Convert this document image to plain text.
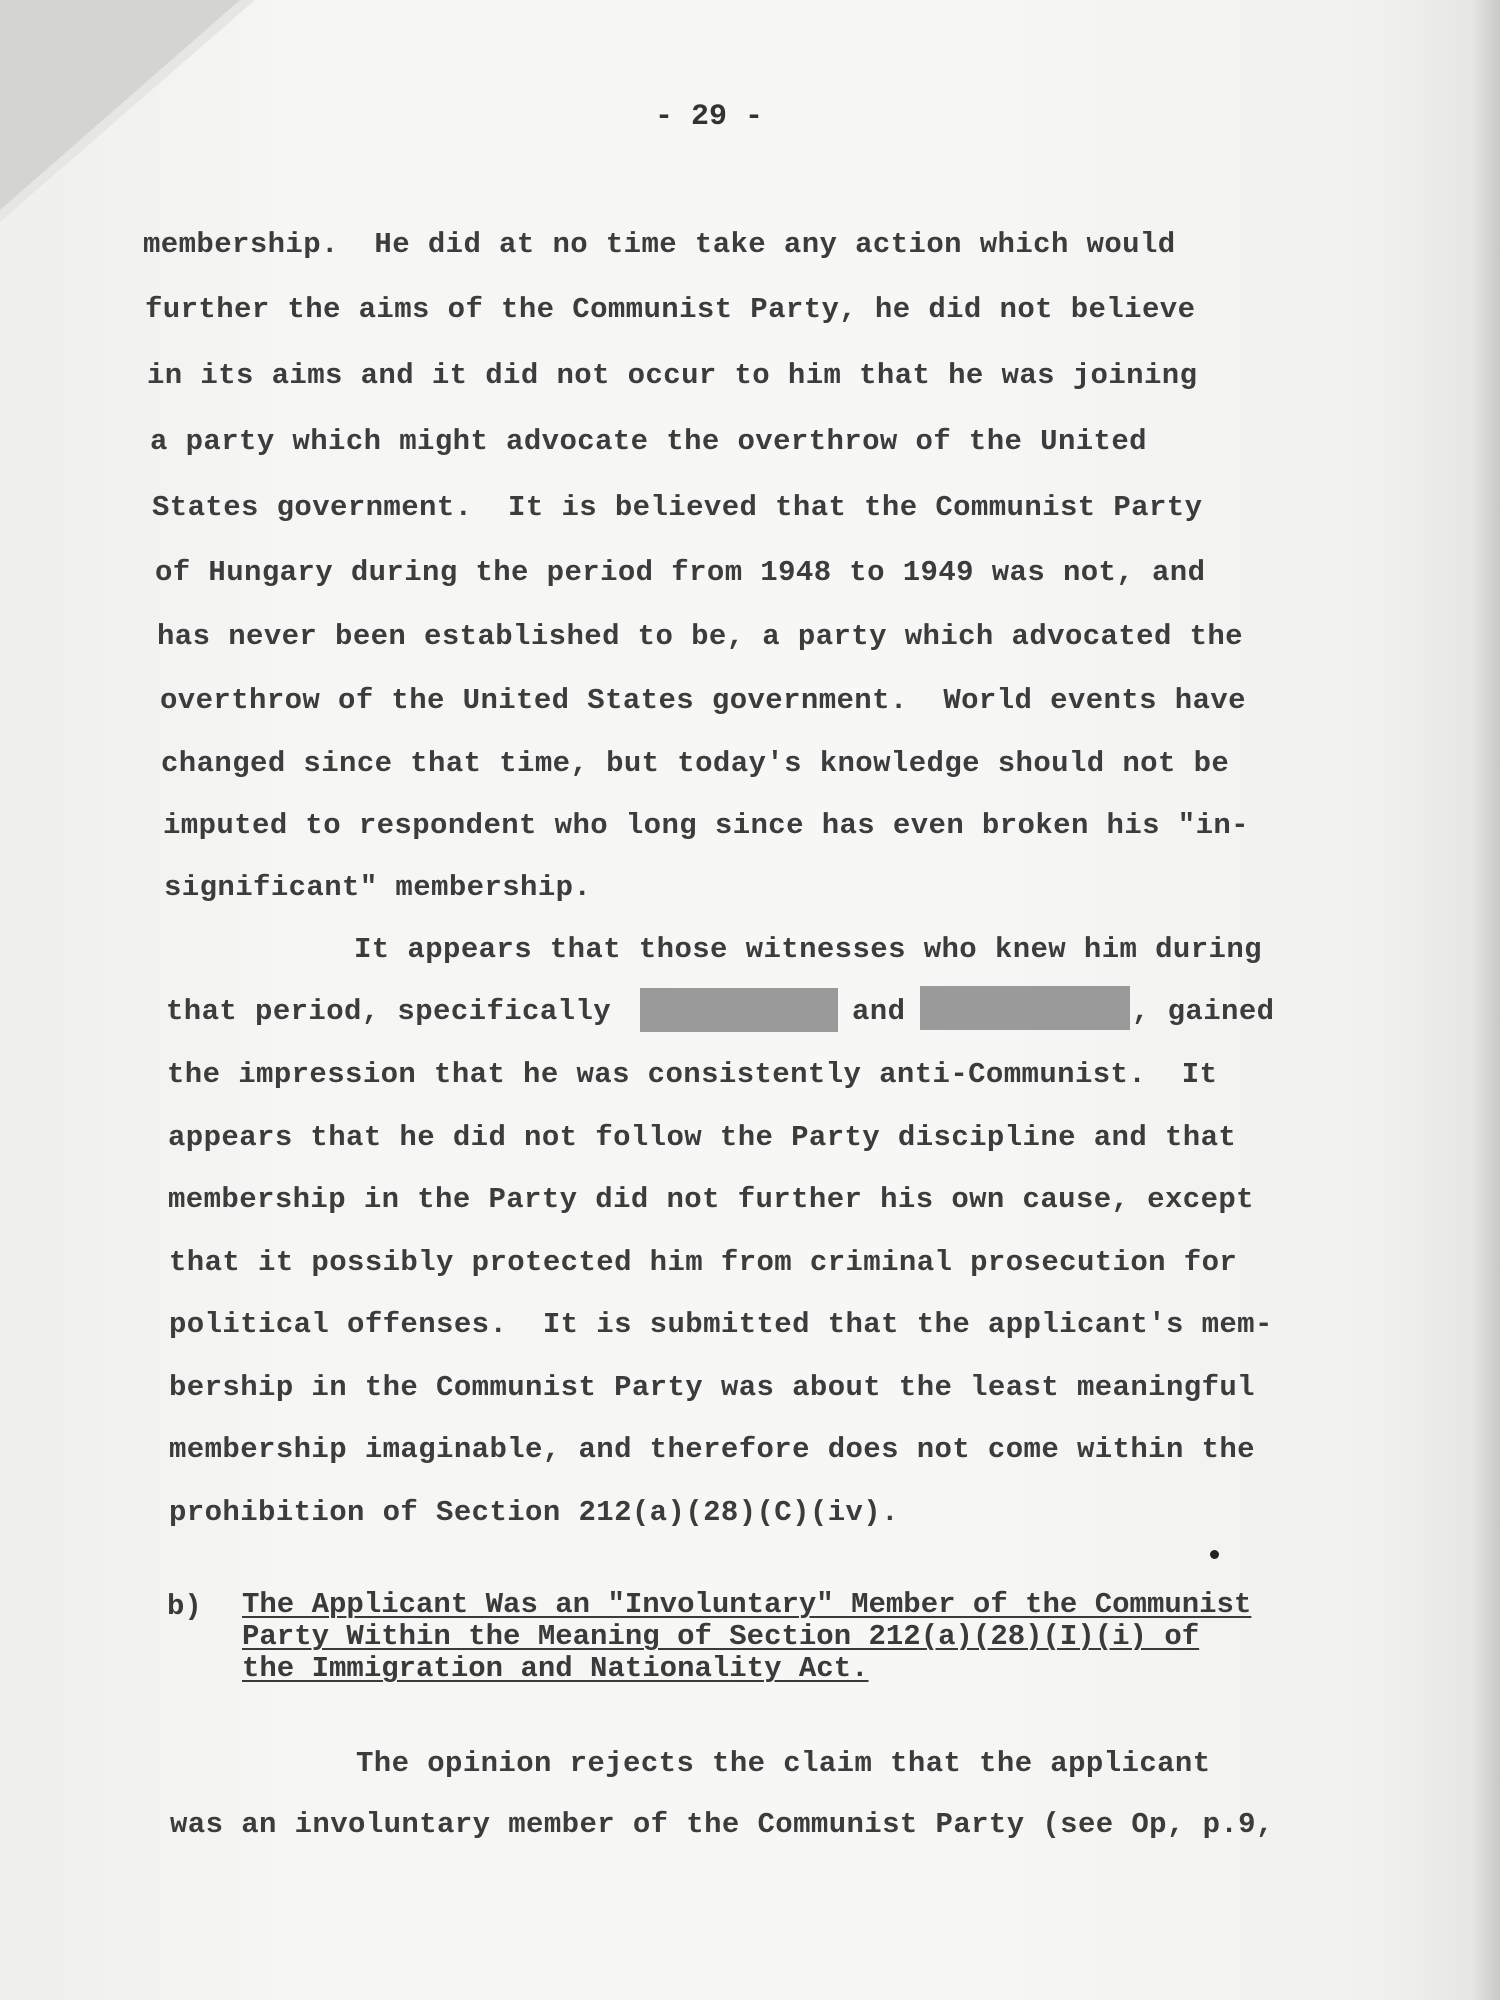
- 29 -
membership.  He did at no time take any action which would
further the aims of the Communist Party, he did not believe
in its aims and it did not occur to him that he was joining
a party which might advocate the overthrow of the United
States government.  It is believed that the Communist Party
of Hungary during the period from 1948 to 1949 was not, and
has never been established to be, a party which advocated the
overthrow of the United States government.  World events have
changed since that time, but today's knowledge should not be
imputed to respondent who long since has even broken his "in-
significant" membership.
It appears that those witnesses who knew him during
that period, specifically	and	, gained
the impression that he was consistently anti-Communist.  It
appears that he did not follow the Party discipline and that
membership in the Party did not further his own cause, except
that it possibly protected him from criminal prosecution for
political offenses.  It is submitted that the applicant's mem-
bership in the Communist Party was about the least meaningful
membership imaginable, and therefore does not come within the
prohibition of Section 212(a)(28)(C)(iv).
b) The Applicant Was an "Involuntary" Member of the Communist
Party Within the Meaning of Section 212(a)(28)(I)(i) of
the Immigration and Nationality Act.
The opinion rejects the claim that the applicant
was an involuntary member of the Communist Party (see Op, p.9,
